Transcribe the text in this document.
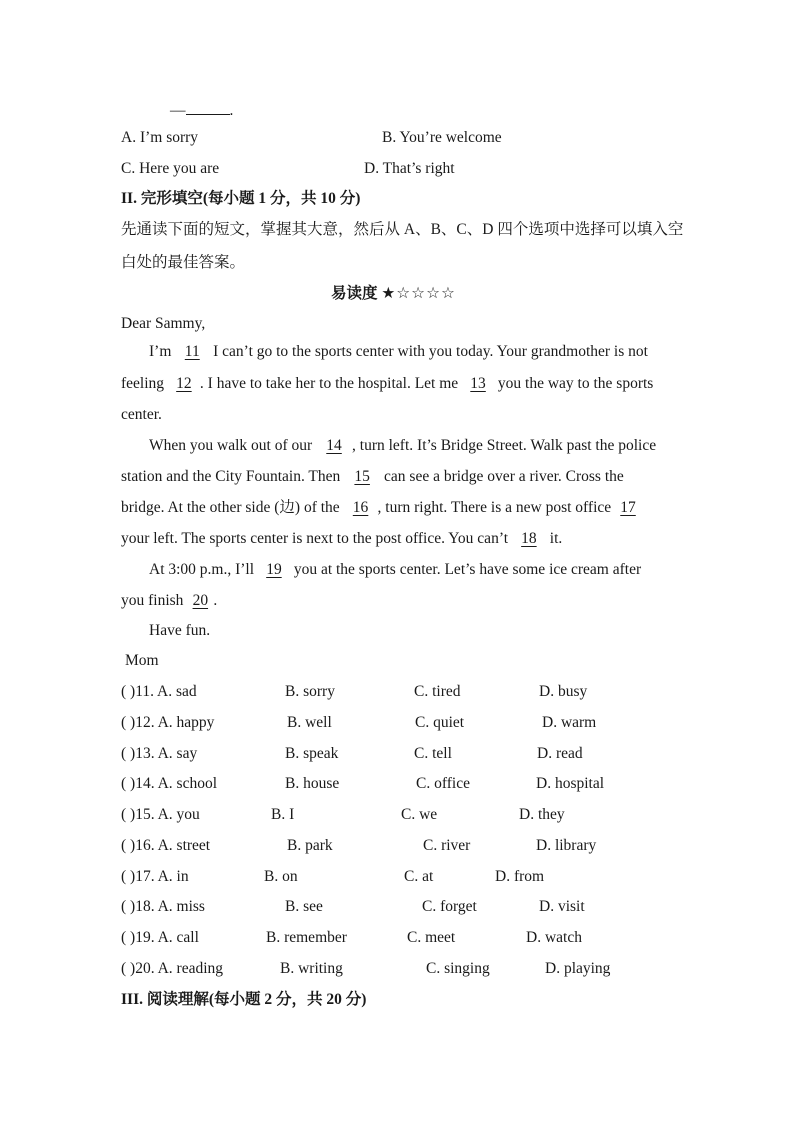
—	.
A. I’m sorry	B. You’re welcome
C. Here you are	D. That’s right
II. 完形填空(每小题 1 分，共 10 分)
先通读下面的短文，掌握其大意，然后从 A、B、C、D 四个选项中选择可以填入空
白处的最佳答案。
易读度 ★☆☆☆☆
Dear Sammy,
I’m 11 I can’t go to the sports center with you today. Your grandmother is not
feeling 12 . I have to take her to the hospital. Let me 13 you the way to the sports
center.
When you walk out of our 14 , turn left. It’s Bridge Street. Walk past the police
station and the City Fountain. Then 15 can see a bridge over a river. Cross the
bridge. At the other side (边) of the 16 , turn right. There is a new post office 17
your left. The sports center is next to the post office. You can’t 18 it.
At 3:00 p.m., I’ll 19 you at the sports center. Let’s have some ice cream after
you finish 20 .
Have fun.
Mom
( )11. A. sad	B. sorry	C. tired	D. busy
( )12. A. happy	B. well	C. quiet	D. warm
( )13. A. say	B. speak	C. tell	D. read
( )14. A. school	B. house	C. office	D. hospital
( )15. A. you	B. I	C. we	D. they
( )16. A. street	B. park	C. river	D. library
( )17. A. in	B. on	C. at	D. from
( )18. A. miss	B. see	C. forget	D. visit
( )19. A. call	B. remember	C. meet	D. watch
( )20. A. reading	B. writing	C. singing	D. playing
III. 阅读理解(每小题 2 分，共 20 分)
